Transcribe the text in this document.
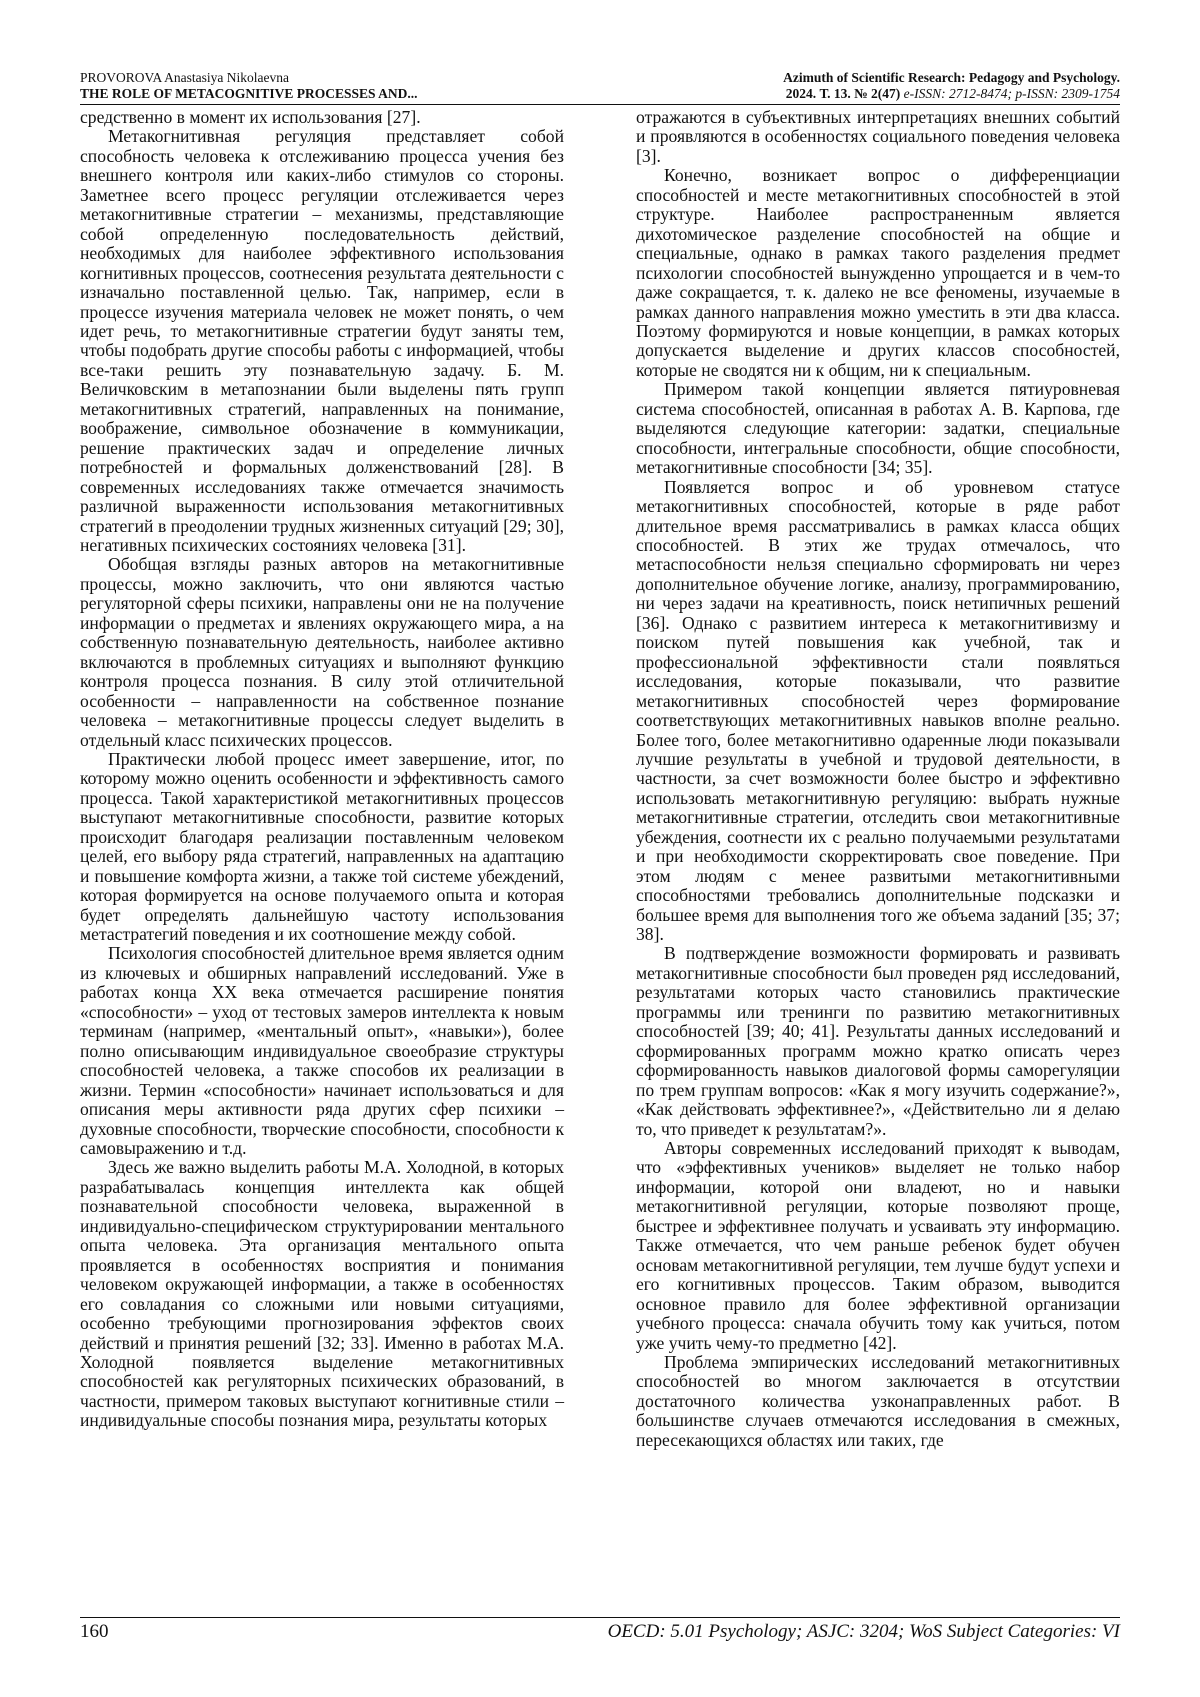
PROVOROVA Anastasiya Nikolaevna
THE ROLE OF METACOGNITIVE PROCESSES AND...
Azimuth of Scientific Research: Pedagogy and Psychology.
2024. Т. 13. № 2(47) e-ISSN: 2712-8474; p-ISSN: 2309-1754

средственно в момент их использования [27].

Метакогнитивная регуляция представляет собой способность человека к отслеживанию процесса учения без внешнего контроля или каких-либо стимулов со стороны. Заметнее всего процесс регуляции отслеживается через метакогнитивные стратегии – механизмы, представляющие собой определенную последовательность действий, необходимых для наиболее эффективного использования когнитивных процессов, соотнесения результата деятельности с изначально поставленной целью. Так, например, если в процессе изучения материала человек не может понять, о чем идет речь, то метакогнитивные стратегии будут заняты тем, чтобы подобрать другие способы работы с информацией, чтобы все-таки решить эту познавательную задачу. Б. М. Величковским в метапознании были выделены пять групп метакогнитивных стратегий, направленных на понимание, воображение, символьное обозначение в коммуникации, решение практических задач и определение личных потребностей и формальных долженствований [28]. В современных исследованиях также отмечается значимость различной выраженности использования метакогнитивных стратегий в преодолении трудных жизненных ситуаций [29; 30], негативных психических состояниях человека [31].

Обобщая взгляды разных авторов на метакогнитивные процессы, можно заключить, что они являются частью регуляторной сферы психики, направлены они не на получение информации о предметах и явлениях окружающего мира, а на собственную познавательную деятельность, наиболее активно включаются в проблемных ситуациях и выполняют функцию контроля процесса познания. В силу этой отличительной особенности – направленности на собственное познание человека – метакогнитивные процессы следует выделить в отдельный класс психических процессов.

Практически любой процесс имеет завершение, итог, по которому можно оценить особенности и эффективность самого процесса. Такой характеристикой метакогнитивных процессов выступают метакогнитивные способности, развитие которых происходит благодаря реализации поставленным человеком целей, его выбору ряда стратегий, направленных на адаптацию и повышение комфорта жизни, а также той системе убеждений, которая формируется на основе получаемого опыта и которая будет определять дальнейшую частоту использования метастратегий поведения и их соотношение между собой.

Психология способностей длительное время является одним из ключевых и обширных направлений исследований. Уже в работах конца XX века отмечается расширение понятия «способности» – уход от тестовых замеров интеллекта к новым терминам (например, «ментальный опыт», «навыки»), более полно описывающим индивидуальное своеобразие структуры способностей человека, а также способов их реализации в жизни. Термин «способности» начинает использоваться и для описания меры активности ряда других сфер психики – духовные способности, творческие способности, способности к самовыражению и т.д.

Здесь же важно выделить работы М.А. Холодной, в которых разрабатывалась концепция интеллекта как общей познавательной способности человека, выраженной в индивидуально-специфическом структурировании ментального опыта человека. Эта организация ментального опыта проявляется в особенностях восприятия и понимания человеком окружающей информации, а также в особенностях его совладания со сложными или новыми ситуациями, особенно требующими прогнозирования эффектов своих действий и принятия решений [32; 33]. Именно в работах М.А. Холодной появляется выделение метакогнитивных способностей как регуляторных психических образований, в частности, примером таковых выступают когнитивные стили – индивидуальные способы познания мира, результаты которых

отражаются в субъективных интерпретациях внешних событий и проявляются в особенностях социального поведения человека [3].

Конечно, возникает вопрос о дифференциации способностей и месте метакогнитивных способностей в этой структуре. Наиболее распространенным является дихотомическое разделение способностей на общие и специальные, однако в рамках такого разделения предмет психологии способностей вынужденно упрощается и в чем-то даже сокращается, т. к. далеко не все феномены, изучаемые в рамках данного направления можно уместить в эти два класса. Поэтому формируются и новые концепции, в рамках которых допускается выделение и других классов способностей, которые не сводятся ни к общим, ни к специальным.

Примером такой концепции является пятиуровневая система способностей, описанная в работах А. В. Карпова, где выделяются следующие категории: задатки, специальные способности, интегральные способности, общие способности, метакогнитивные способности [34; 35].

Появляется вопрос и об уровневом статусе метакогнитивных способностей, которые в ряде работ длительное время рассматривались в рамках класса общих способностей. В этих же трудах отмечалось, что метаспособности нельзя специально сформировать ни через дополнительное обучение логике, анализу, программированию, ни через задачи на креативность, поиск нетипичных решений [36]. Однако с развитием интереса к метакогнитивизму и поиском путей повышения как учебной, так и профессиональной эффективности стали появляться исследования, которые показывали, что развитие метакогнитивных способностей через формирование соответствующих метакогнитивных навыков вполне реально. Более того, более метакогнитивно одаренные люди показывали лучшие результаты в учебной и трудовой деятельности, в частности, за счет возможности более быстро и эффективно использовать метакогнитивную регуляцию: выбрать нужные метакогнитивные стратегии, отследить свои метакогнитивные убеждения, соотнести их с реально получаемыми результатами и при необходимости скорректировать свое поведение. При этом людям с менее развитыми метакогнитивными способностями требовались дополнительные подсказки и большее время для выполнения того же объема заданий [35; 37; 38].

В подтверждение возможности формировать и развивать метакогнитивные способности был проведен ряд исследований, результатами которых часто становились практические программы или тренинги по развитию метакогнитивных способностей [39; 40; 41]. Результаты данных исследований и сформированных программ можно кратко описать через сформированность навыков диалоговой формы саморегуляции по трем группам вопросов: «Как я могу изучить содержание?», «Как действовать эффективнее?», «Действительно ли я делаю то, что приведет к результатам?».

Авторы современных исследований приходят к выводам, что «эффективных учеников» выделяет не только набор информации, которой они владеют, но и навыки метакогнитивной регуляции, которые позволяют проще, быстрее и эффективнее получать и усваивать эту информацию. Также отмечается, что чем раньше ребенок будет обучен основам метакогнитивной регуляции, тем лучше будут успехи и его когнитивных процессов. Таким образом, выводится основное правило для более эффективной организации учебного процесса: сначала обучить тому как учиться, потом уже учить чему-то предметно [42].

Проблема эмпирических исследований метакогнитивных способностей во многом заключается в отсутствии достаточного количества узконаправленных работ. В большинстве случаев отмечаются исследования в смежных, пересекающихся областях или таких, где

160	OECD: 5.01 Psychology; ASJC: 3204; WoS Subject Categories: VI
